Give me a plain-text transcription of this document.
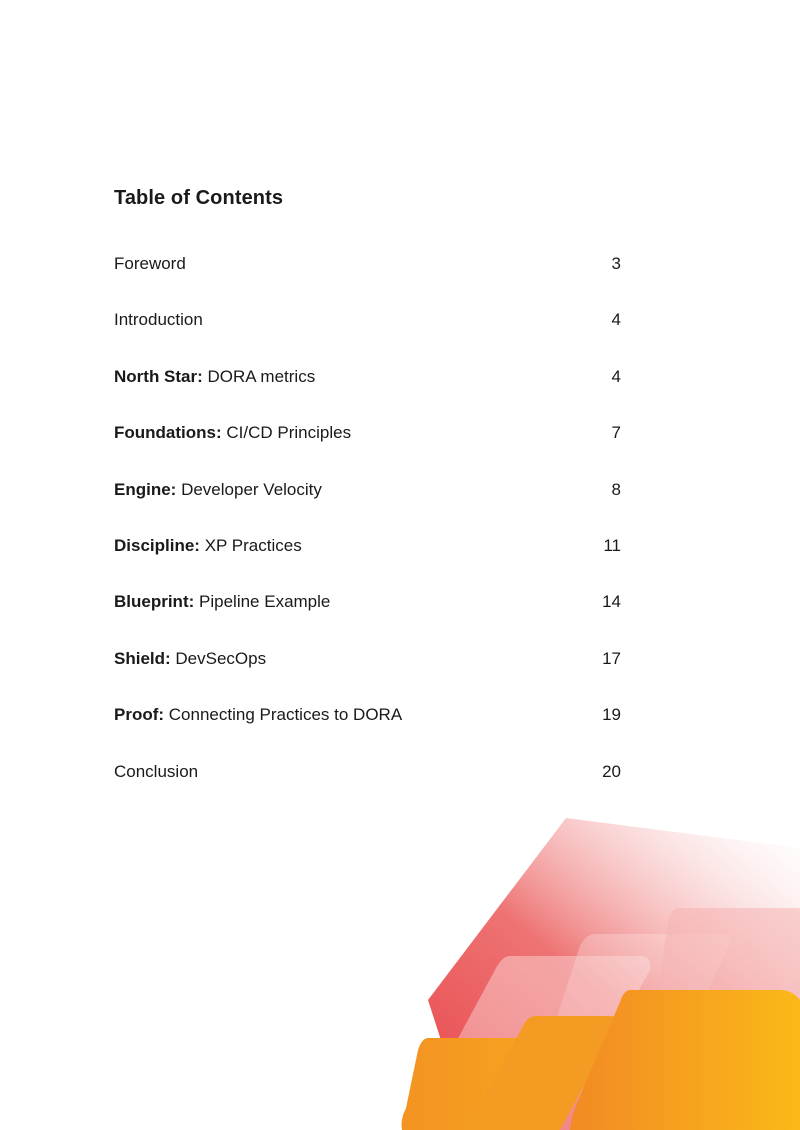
Table of Contents
Foreword	3
Introduction	4
North Star: DORA metrics	4
Foundations: CI/CD Principles	7
Engine: Developer Velocity	8
Discipline: XP Practices	11
Blueprint: Pipeline Example	14
Shield: DevSecOps	17
Proof: Connecting Practices to DORA	19
Conclusion	20
